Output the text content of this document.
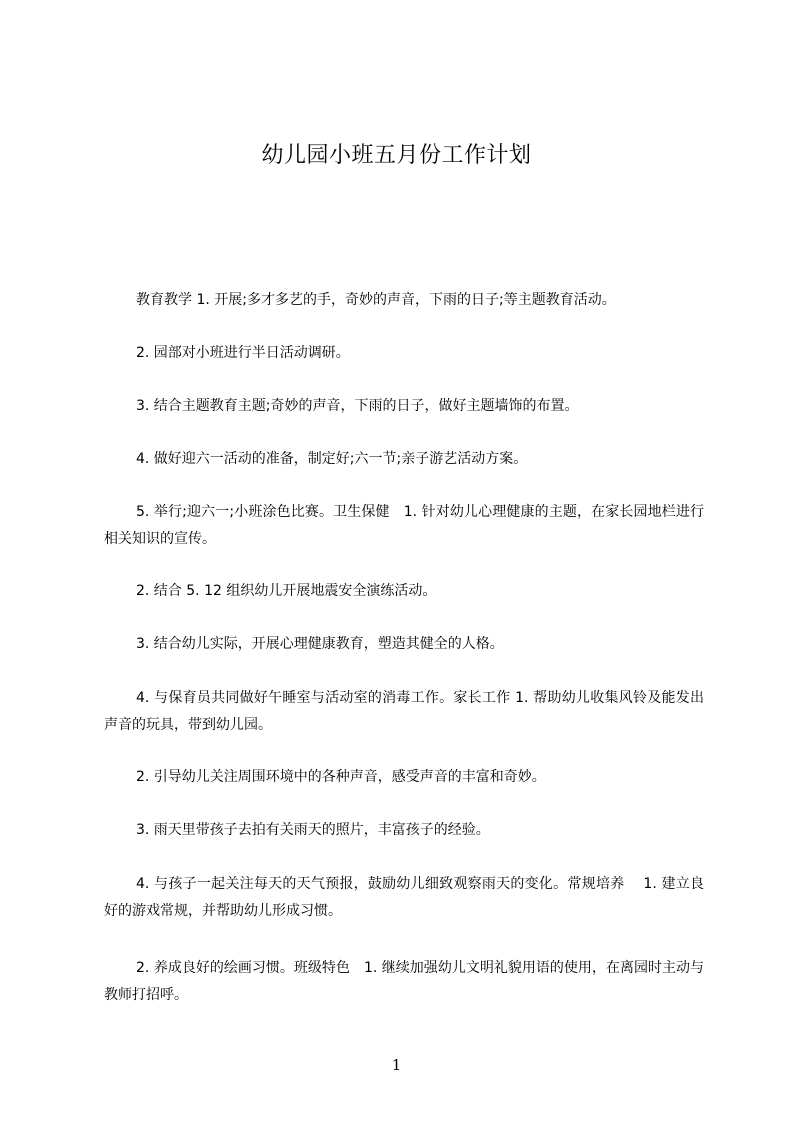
幼儿园小班五月份工作计划

教育教学 1. 开展;多才多艺的手，奇妙的声音，下雨的日子;等主题教育活动。

2. 园部对小班进行半日活动调研。

3. 结合主题教育主题;奇妙的声音，下雨的日子，做好主题墙饰的布置。

4. 做好迎六一活动的准备，制定好;六一节;亲子游艺活动方案。

5. 举行;迎六一;小班涂色比赛。卫生保健　1. 针对幼儿心理健康的主题，在家长园地栏进行相关知识的宣传。

2. 结合 5. 12 组织幼儿开展地震安全演练活动。

3. 结合幼儿实际，开展心理健康教育，塑造其健全的人格。

4. 与保育员共同做好午睡室与活动室的消毒工作。家长工作 1. 帮助幼儿收集风铃及能发出声音的玩具，带到幼儿园。

2. 引导幼儿关注周围环境中的各种声音，感受声音的丰富和奇妙。

3. 雨天里带孩子去拍有关雨天的照片，丰富孩子的经验。

4. 与孩子一起关注每天的天气预报，鼓励幼儿细致观察雨天的变化。常规培养　 1. 建立良好的游戏常规，并帮助幼儿形成习惯。

2. 养成良好的绘画习惯。班级特色　1. 继续加强幼儿文明礼貌用语的使用，在离园时主动与教师打招呼。

1
